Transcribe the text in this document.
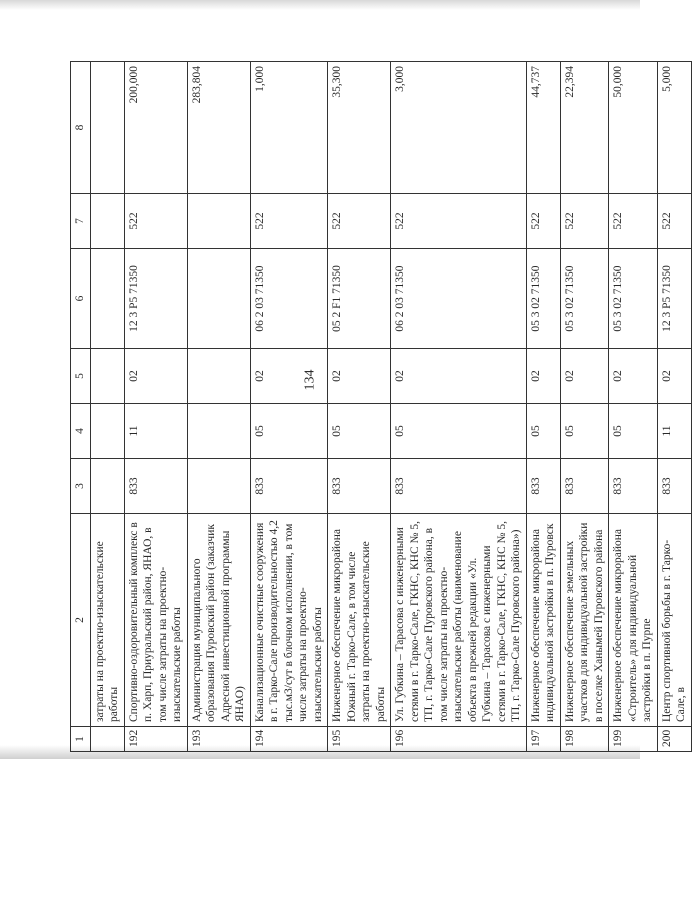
134
1	2	3	4	5	6	7	8
	затраты на проектно-изыскательские работы						
192	Спортивно-оздоровительный комплекс в п. Харп, Приуральский район, ЯНАО, в том числе затраты на проектно-изыскательские работы	833	11	02	12 3 P5 71350	522	200,000
193	Администрация муниципального образования Пуровский район (заказчик Адресной инвестиционной программы ЯНАО)						283,804
194	Канализационные очистные сооружения в г. Тарко-Сале производительностью 4,2 тыс.м3/сут в блочном исполнении, в том числе затраты на проектно-изыскательские работы	833	05	02	06 2 03 71350	522	1,000
195	Инженерное обеспечение микрорайона Южный г. Тарко-Сале, в том числе затраты на проектно-изыскательские работы	833	05	02	05 2 F1 71350	522	35,300
196	Ул. Губкина – Тарасова с инженерными сетями в г. Тарко-Сале, ГКНС, КНС № 5, ТП, г. Тарко-Сале Пуровского района, в том числе затраты на проектно-изыскательские работы (наименование объекта в прежней редакции «Ул. Губкина – Тарасова с инженерными сетями в г. Тарко-Сале, ГКНС, КНС № 5, ТП, г. Тарко-Сале Пуровского района»)	833	05	02	06 2 03 71350	522	3,000
197	Инженерное обеспечение микрорайона индивидуальной застройки в п. Пуровск	833	05	02	05 3 02 71350	522	44,737
198	Инженерное обеспечение земельных участков для индивидуальной застройки в поселке Ханымей Пуровского района	833	05	02	05 3 02 71350	522	22,394
199	Инженерное обеспечение микрорайона «Строитель» для индивидуальной застройки в п. Пурпе	833	05	02	05 3 02 71350	522	50,000
200	Центр спортивной борьбы в г. Тарко-Сале, в	833	11	02	12 3 P5 71350	522	5,000
